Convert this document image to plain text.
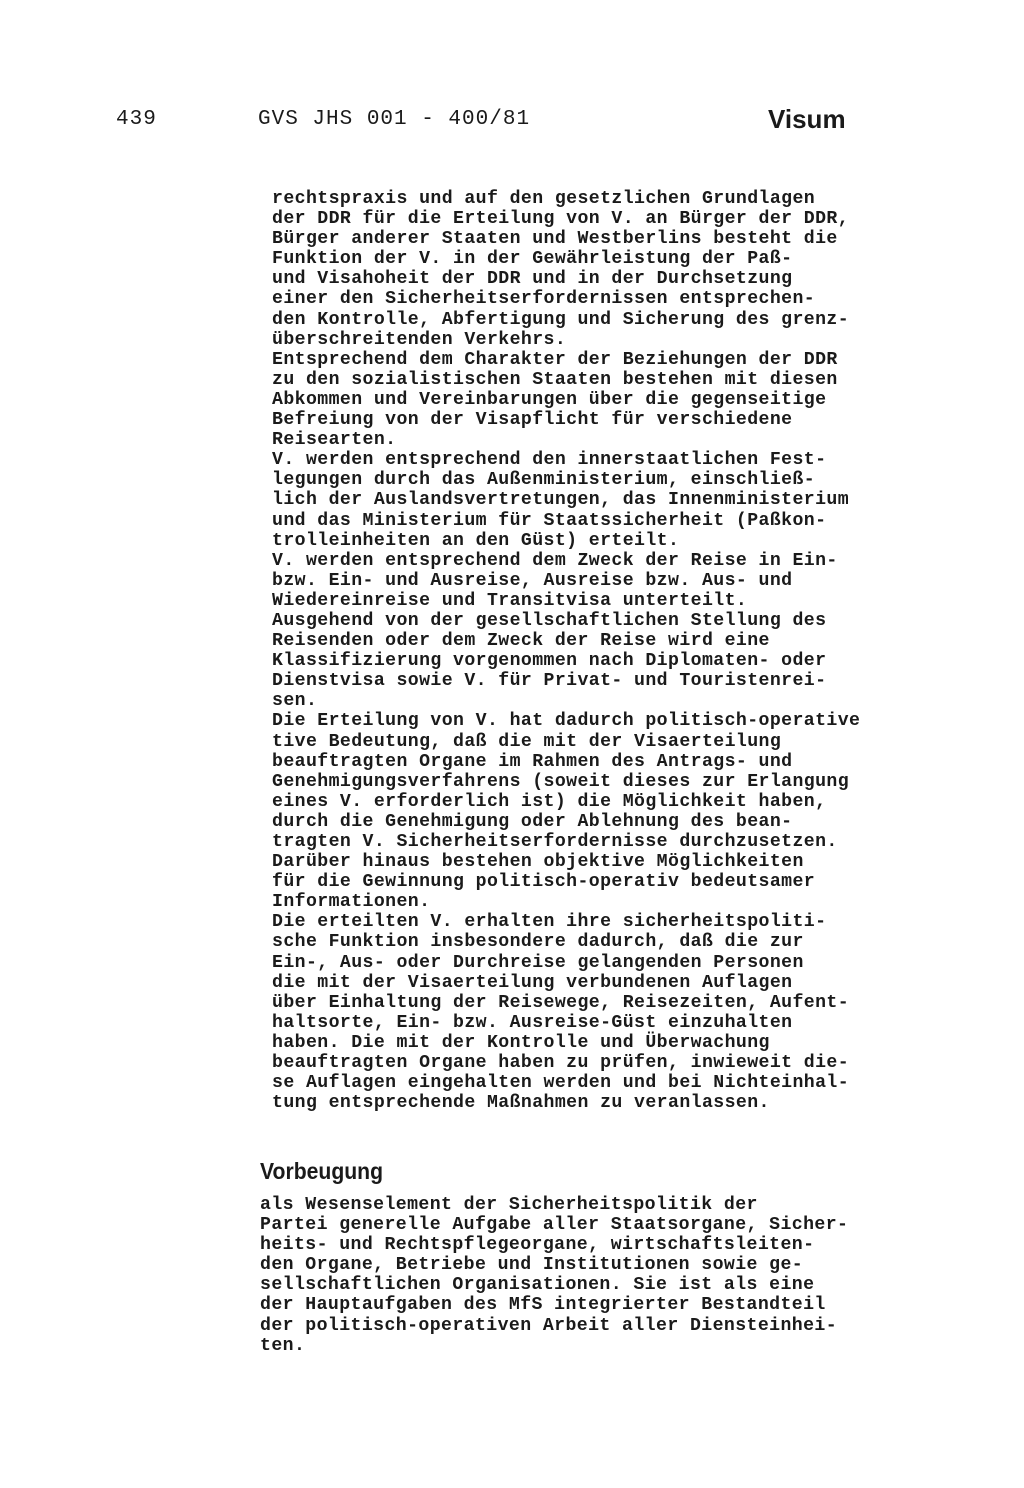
439	GVS JHS 001 - 400/81	Visum
rechtspraxis und auf den gesetzlichen Grundlagen
der DDR für die Erteilung von V. an Bürger der DDR,
Bürger anderer Staaten und Westberlins besteht die
Funktion der V. in der Gewährleistung der Paß-
und Visahoheit der DDR und in der Durchsetzung
einer den Sicherheitserfordernissen entsprechen-
den Kontrolle, Abfertigung und Sicherung des grenz-
überschreitenden Verkehrs.
Entsprechend dem Charakter der Beziehungen der DDR
zu den sozialistischen Staaten bestehen mit diesen
Abkommen und Vereinbarungen über die gegenseitige
Befreiung von der Visapflicht für verschiedene
Reisearten.
V. werden entsprechend den innerstaatlichen Fest-
legungen durch das Außenministerium, einschließ-
lich der Auslandsvertretungen, das Innenministerium
und das Ministerium für Staatssicherheit (Paßkon-
trolleinheiten an den Güst) erteilt.
V. werden entsprechend dem Zweck der Reise in Ein-
bzw. Ein- und Ausreise, Ausreise bzw. Aus- und
Wiedereinreise und Transitvisa unterteilt.
Ausgehend von der gesellschaftlichen Stellung des
Reisenden oder dem Zweck der Reise wird eine
Klassifizierung vorgenommen nach Diplomaten- oder
Dienstvisa sowie V. für Privat- und Touristenrei-
sen.
Die Erteilung von V. hat dadurch politisch-operative
tive Bedeutung, daß die mit der Visaerteilung
beauftragten Organe im Rahmen des Antrags- und
Genehmigungsverfahrens (soweit dieses zur Erlangung
eines V. erforderlich ist) die Möglichkeit haben,
durch die Genehmigung oder Ablehnung des bean-
tragten V. Sicherheitserfordernisse durchzusetzen.
Darüber hinaus bestehen objektive Möglichkeiten
für die Gewinnung politisch-operativ bedeutsamer
Informationen.
Die erteilten V. erhalten ihre sicherheitspoliti-
sche Funktion insbesondere dadurch, daß die zur
Ein-, Aus- oder Durchreise gelangenden Personen
die mit der Visaerteilung verbundenen Auflagen
über Einhaltung der Reisewege, Reisezeiten, Aufent-
haltsorte, Ein- bzw. Ausreise-Güst einzuhalten
haben. Die mit der Kontrolle und Überwachung
beauftragten Organe haben zu prüfen, inwieweit die-
se Auflagen eingehalten werden und bei Nichteinhal-
tung entsprechende Maßnahmen zu veranlassen.
Vorbeugung
als Wesenselement der Sicherheitspolitik der
Partei generelle Aufgabe aller Staatsorgane, Sicher-
heits- und Rechtspflegeorgane, wirtschaftsleiten-
den Organe, Betriebe und Institutionen sowie ge-
sellschaftlichen Organisationen. Sie ist als eine
der Hauptaufgaben des MfS integrierter Bestandteil
der politisch-operativen Arbeit aller Diensteinhei-
ten.
